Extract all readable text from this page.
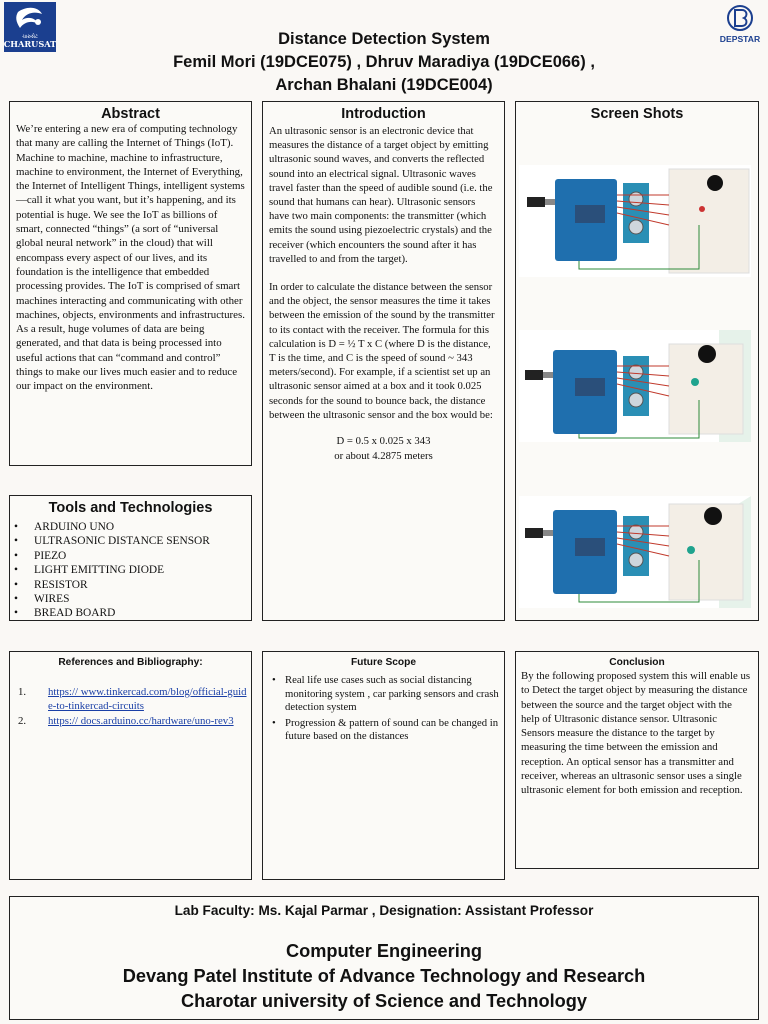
ચારુસેટ
CHARUSAT	DEPSTAR
Distance Detection System
Femil Mori (19DCE075) , Dhruv Maradiya (19DCE066) ,
Archan Bhalani (19DCE004)
Abstract
We’re entering a new era of computing technology that many are calling the Internet of Things (IoT). Machine to machine, machine to infrastructure, machine to environment, the Internet of Everything, the Internet of Intelligent Things, intelligent systems—call it what you want, but it’s happening, and its potential is huge. We see the IoT as billions of smart, connected “things” (a sort of “universal global neural network” in the cloud) that will encompass every aspect of our lives, and its foundation is the intelligence that embedded processing provides. The IoT is comprised of smart machines interacting and communicating with other machines, objects, environments and infrastructures. As a result, huge volumes of data are being generated, and that data is being processed into useful actions that can “command and control” things to make our lives much easier and to reduce our impact on the environment.
Tools and Technologies
• ARDUINO UNO
• ULTRASONIC DISTANCE SENSOR
• PIEZO
• LIGHT EMITTING DIODE
• RESISTOR
• WIRES
• BREAD BOARD
Introduction

An ultrasonic sensor is an electronic device that measures the distance of a target object by emitting ultrasonic sound waves, and converts the reflected sound into an electrical signal. Ultrasonic waves travel faster than the speed of audible sound (i.e. the sound that humans can hear). Ultrasonic sensors have two main components: the transmitter (which emits the sound using piezoelectric crystals) and the receiver (which encounters the sound after it has travelled to and from the target).

In order to calculate the distance between the sensor and the object, the sensor measures the time it takes between the emission of the sound by the transmitter to its contact with the receiver. The formula for this calculation is D = ½ T x C (where D is the distance, T is the time, and C is the speed of sound ~ 343 meters/second). For example, if a scientist set up an ultrasonic sensor aimed at a box and it took 0.025 seconds for the sound to bounce back, the distance between the ultrasonic sensor and the box would be:

D = 0.5 x 0.025 x 343

or about 4.2875 meters

Screen Shots
References and Bibliography:
1. https:// www.tinkercad.com/blog/official-guide-to-tinkercad-circuits
2. https:// docs.arduino.cc/hardware/uno-rev3
Future Scope
• Real life use cases such as social distancing monitoring system , car parking sensors and crash detection system
• Progression & pattern of sound can be changed in future based on the distances
Conclusion
By the following proposed system this will enable us to Detect the target object by measuring the distance between the source and the target object with the help of Ultrasonic distance sensor. Ultrasonic Sensors measure the distance to the target by measuring the time between the emission and reception. An optical sensor has a transmitter and receiver, whereas an ultrasonic sensor uses a single ultrasonic element for both emission and reception.
Lab Faculty: Ms. Kajal Parmar , Designation: Assistant Professor
Computer Engineering
Devang Patel Institute of Advance Technology and Research
Charotar university of Science and Technology
